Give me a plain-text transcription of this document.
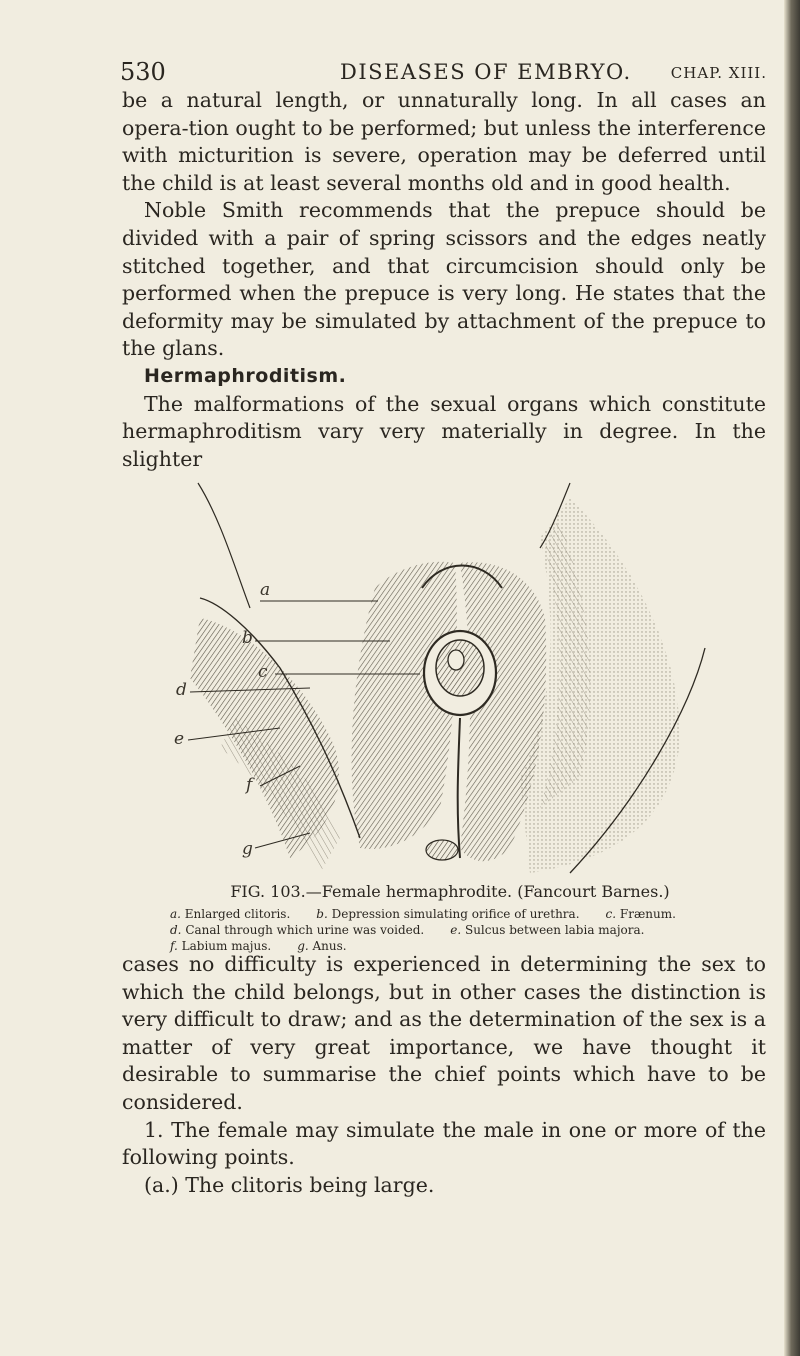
530	DISEASES OF EMBRYO.	CHAP. XIII.

be a natural length, or unnaturally long. In all cases an opera-tion ought to be performed; but unless the interference with micturition is severe, operation may be deferred until the child is at least several months old and in good health.

Noble Smith recommends that the prepuce should be divided with a pair of spring scissors and the edges neatly stitched together, and that circumcision should only be performed when the prepuce is very long. He states that the deformity may be simulated by attachment of the prepuce to the glans.

Hermaphroditism.

The malformations of the sexual organs which constitute hermaphroditism vary very materially in degree. In the slighter

a
b
c
d
e
f
g
FIG. 103.—Female hermaphrodite. (Fancourt Barnes.)
a. Enlarged clitoris. b. Depression simulating orifice of urethra. c. Frænum.
d. Canal through which urine was voided. e. Sulcus between labia majora.
f. Labium majus. g. Anus.

cases no difficulty is experienced in determining the sex to which the child belongs, but in other cases the distinction is very difficult to draw; and as the determination of the sex is a matter of very great importance, we have thought it desirable to summarise the chief points which have to be considered.

1. The female may simulate the male in one or more of the following points.

(a.) The clitoris being large.
